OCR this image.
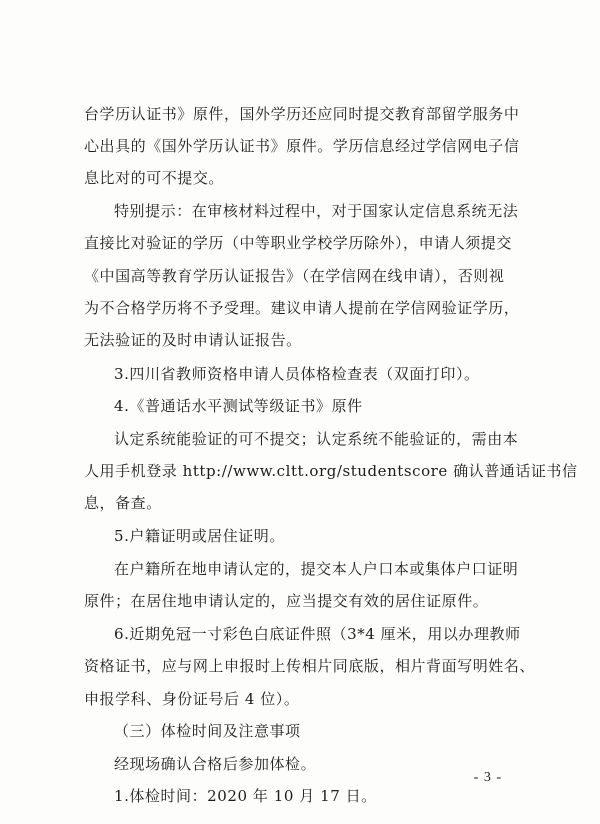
台学历认证书》原件，国外学历还应同时提交教育部留学服务中
心出具的《国外学历认证书》原件。学历信息经过学信网电子信
息比对的可不提交。
特别提示：在审核材料过程中，对于国家认定信息系统无法
直接比对验证的学历（中等职业学校学历除外），申请人须提交
《中国高等教育学历认证报告》（在学信网在线申请），否则视
为不合格学历将不予受理。建议申请人提前在学信网验证学历，
无法验证的及时申请认证报告。
3.四川省教师资格申请人员体格检查表（双面打印）。
4.《普通话水平测试等级证书》原件
认定系统能验证的可不提交；认定系统不能验证的，需由本
人用手机登录 http://www.cltt.org/studentscore 确认普通话证书信
息，备查。
5.户籍证明或居住证明。
在户籍所在地申请认定的，提交本人户口本或集体户口证明
原件；在居住地申请认定的，应当提交有效的居住证原件。
6.近期免冠一寸彩色白底证件照（3*4 厘米，用以办理教师
资格证书，应与网上申报时上传相片同底版，相片背面写明姓名、
申报学科、身份证号后 4 位）。
（三）体检时间及注意事项
经现场确认合格后参加体检。
1.体检时间：2020 年 10 月 17 日。
- 3 -
